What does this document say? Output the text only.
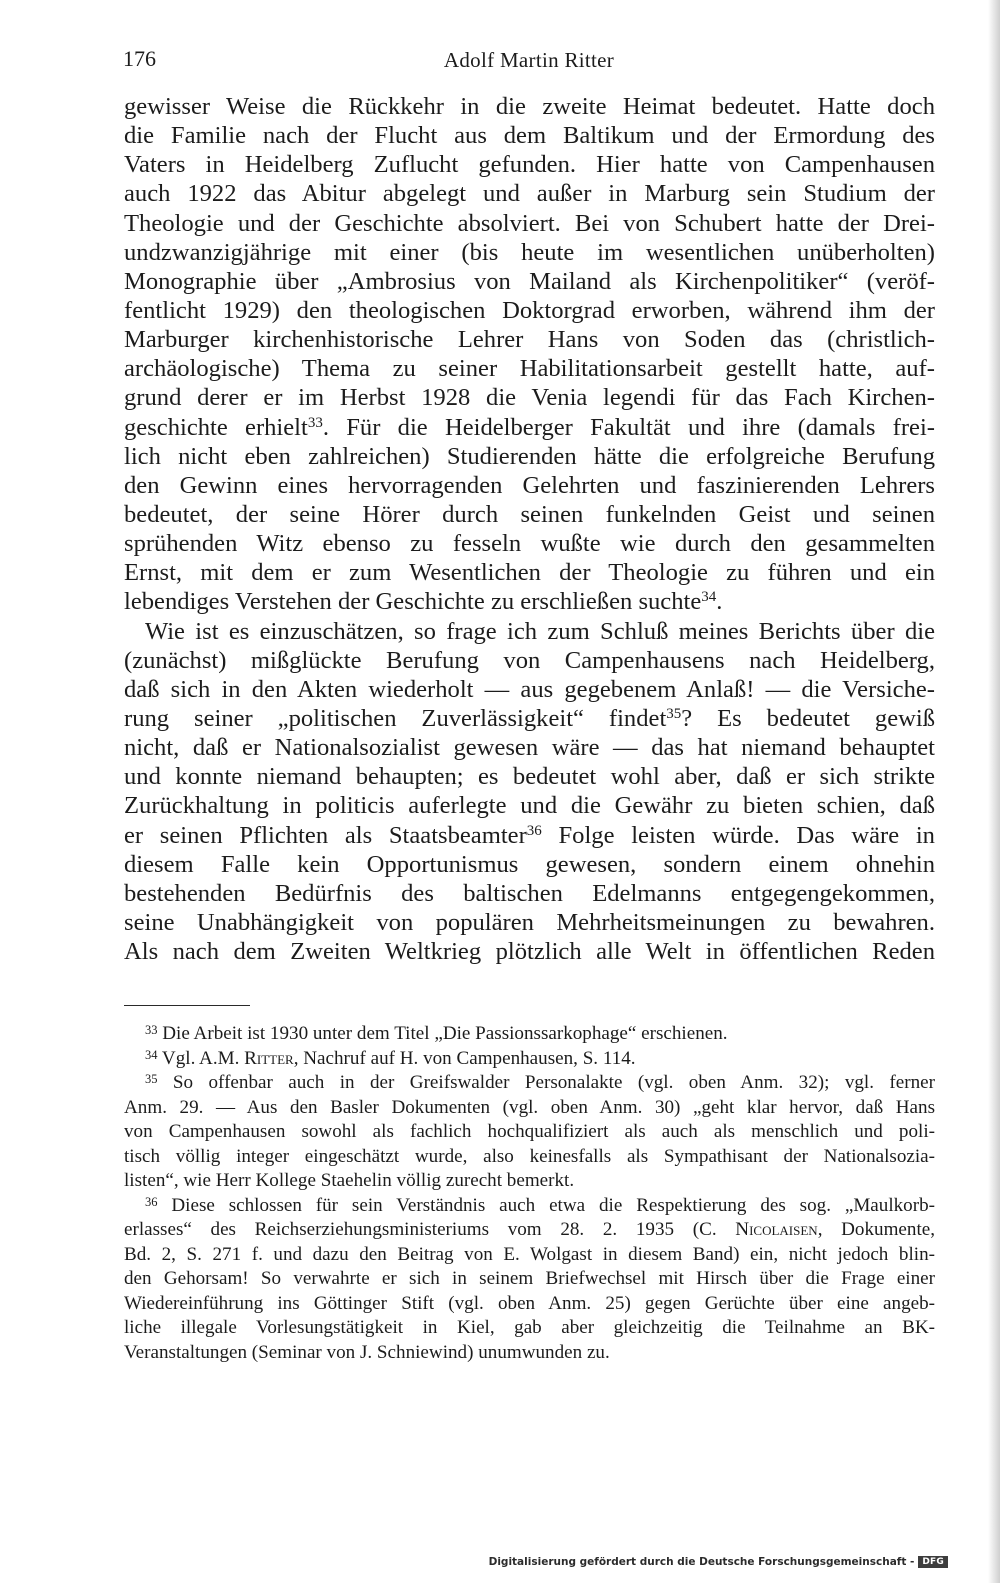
176	Adolf Martin Ritter
gewisser Weise die Rückkehr in die zweite Heimat bedeutet. Hatte doch
die Familie nach der Flucht aus dem Baltikum und der Ermordung des
Vaters in Heidelberg Zuflucht gefunden. Hier hatte von Campenhausen
auch 1922 das Abitur abgelegt und außer in Marburg sein Studium der
Theologie und der Geschichte absolviert. Bei von Schubert hatte der Drei-
undzwanzigjährige mit einer (bis heute im wesentlichen unüberholten)
Monographie über „Ambrosius von Mailand als Kirchenpolitiker“ (veröf-
fentlicht 1929) den theologischen Doktorgrad erworben, während ihm der
Marburger kirchenhistorische Lehrer Hans von Soden das (christlich-
archäologische) Thema zu seiner Habilitationsarbeit gestellt hatte, auf-
grund derer er im Herbst 1928 die Venia legendi für das Fach Kirchen-
geschichte erhielt$^{33}$. Für die Heidelberger Fakultät und ihre (damals frei-
lich nicht eben zahlreichen) Studierenden hätte die erfolgreiche Berufung
den Gewinn eines hervorragenden Gelehrten und faszinierenden Lehrers
bedeutet, der seine Hörer durch seinen funkelnden Geist und seinen
sprühenden Witz ebenso zu fesseln wußte wie durch den gesammelten
Ernst, mit dem er zum Wesentlichen der Theologie zu führen und ein
lebendiges Verstehen der Geschichte zu erschließen suchte$^{34}$.
Wie ist es einzuschätzen, so frage ich zum Schluß meines Berichts über die
(zunächst) mißglückte Berufung von Campenhausens nach Heidelberg,
daß sich in den Akten wiederholt — aus gegebenem Anlaß! — die Versiche-
rung seiner „politischen Zuverlässigkeit“ findet$^{35}$? Es bedeutet gewiß
nicht, daß er Nationalsozialist gewesen wäre — das hat niemand behauptet
und konnte niemand behaupten; es bedeutet wohl aber, daß er sich strikte
Zurückhaltung in politicis auferlegte und die Gewähr zu bieten schien, daß
er seinen Pflichten als Staatsbeamter$^{36}$ Folge leisten würde. Das wäre in
diesem Falle kein Opportunismus gewesen, sondern einem ohnehin
bestehenden Bedürfnis des baltischen Edelmanns entgegengekommen,
seine Unabhängigkeit von populären Mehrheitsmeinungen zu bewahren.
Als nach dem Zweiten Weltkrieg plötzlich alle Welt in öffentlichen Reden
$^{33}$ Die Arbeit ist 1930 unter dem Titel „Die Passionssarkophage“ erschienen.
$^{34}$ Vgl. A.M. Ritter, Nachruf auf H. von Campenhausen, S. 114.
$^{35}$ So offenbar auch in der Greifswalder Personalakte (vgl. oben Anm. 32); vgl. ferner
Anm. 29. — Aus den Basler Dokumenten (vgl. oben Anm. 30) „geht klar hervor, daß Hans
von Campenhausen sowohl als fachlich hochqualifiziert als auch als menschlich und poli-
tisch völlig integer eingeschätzt wurde, also keinesfalls als Sympathisant der Nationalsozia-
listen“, wie Herr Kollege Staehelin völlig zurecht bemerkt.
$^{36}$ Diese schlossen für sein Verständnis auch etwa die Respektierung des sog. „Maulkorb-
erlasses“ des Reichserziehungsministeriums vom 28. 2. 1935 (C. Nicolaisen, Dokumente,
Bd. 2, S. 271 f. und dazu den Beitrag von E. Wolgast in diesem Band) ein, nicht jedoch blin-
den Gehorsam! So verwahrte er sich in seinem Briefwechsel mit Hirsch über die Frage einer
Wiedereinführung ins Göttinger Stift (vgl. oben Anm. 25) gegen Gerüchte über eine angeb-
liche illegale Vorlesungstätigkeit in Kiel, gab aber gleichzeitig die Teilnahme an BK-
Veranstaltungen (Seminar von J. Schniewind) unumwunden zu.
Digitalisierung gefördert durch die Deutsche Forschungsgemeinschaft - DFG
